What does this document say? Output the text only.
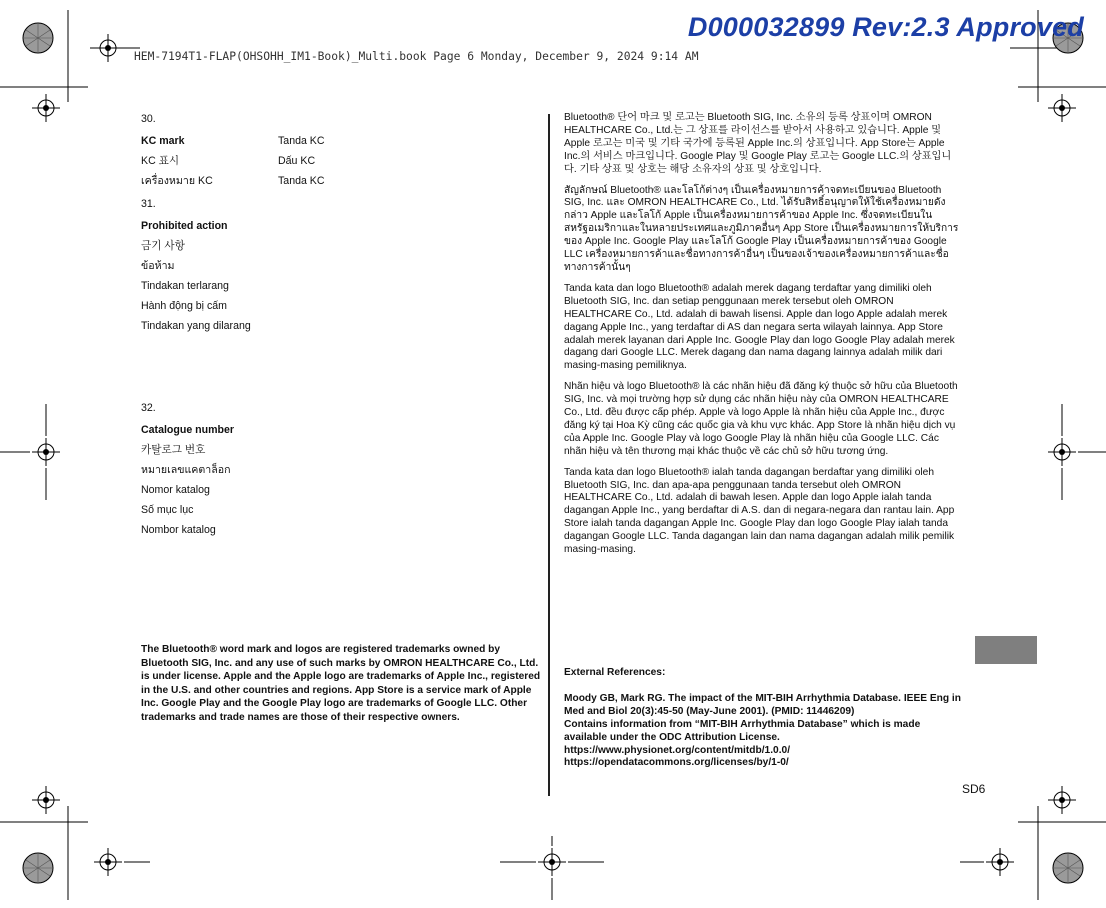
D000032899 Rev:2.3 Approved
HEM-7194T1-FLAP(OHSOHH_IM1-Book)_Multi.book Page 6 Monday, December 9, 2024 9:14 AM
30.
KC mark	Tanda KC
KC 표시	Dấu KC
เครื่องหมาย KC	Tanda KC
31.
Prohibited action
금기 사항
ข้อห้าม
Tindakan terlarang
Hành động bị cấm
Tindakan yang dilarang
32.
Catalogue number
카탈로그 번호
หมายเลขแคตาล็อก
Nomor katalog
Số mục lục
Nombor katalog
The Bluetooth® word mark and logos are registered trademarks owned by Bluetooth SIG, Inc. and any use of such marks by OMRON HEALTHCARE Co., Ltd. is under license. Apple and the Apple logo are trademarks of Apple Inc., registered in the U.S. and other countries and regions. App Store is a service mark of Apple Inc. Google Play and the Google Play logo are trademarks of Google LLC. Other trademarks and trade names are those of their respective owners.

Bluetooth® 단어 마크 및 로고는 Bluetooth SIG, Inc. 소유의 등록 상표이며 OMRON HEALTHCARE Co., Ltd.는 그 상표를 라이선스를 받아서 사용하고 있습니다. Apple 및 Apple 로고는 미국 및 기타 국가에 등록된 Apple Inc.의 상표입니다. App Store는 Apple Inc.의 서비스 마크입니다. Google Play 및 Google Play 로고는 Google LLC.의 상표입니다. 기타 상표 및 상호는 해당 소유자의 상표 및 상호입니다.

สัญลักษณ์ Bluetooth® และโลโก้ต่างๆ เป็นเครื่องหมายการค้าจดทะเบียนของ Bluetooth SIG, Inc. และ OMRON HEALTHCARE Co., Ltd. ได้รับสิทธิ์อนุญาตให้ใช้เครื่องหมายดังกล่าว Apple และโลโก้ Apple เป็นเครื่องหมายการค้าของ Apple Inc. ซึ่งจดทะเบียนในสหรัฐอเมริกาและในหลายประเทศและภูมิภาคอื่นๆ App Store เป็นเครื่องหมายการให้บริการของ Apple Inc. Google Play และโลโก้ Google Play เป็นเครื่องหมายการค้าของ Google LLC เครื่องหมายการค้าและชื่อทางการค้าอื่นๆ เป็นของเจ้าของเครื่องหมายการค้าและชื่อทางการค้านั้นๆ

Tanda kata dan logo Bluetooth® adalah merek dagang terdaftar yang dimiliki oleh Bluetooth SIG, Inc. dan setiap penggunaan merek tersebut oleh OMRON HEALTHCARE Co., Ltd. adalah di bawah lisensi. Apple dan logo Apple adalah merek dagang Apple Inc., yang terdaftar di AS dan negara serta wilayah lainnya. App Store adalah merek layanan dari Apple Inc. Google Play dan logo Google Play adalah merek dagang dari Google LLC. Merek dagang dan nama dagang lainnya adalah milik dari masing-masing pemiliknya.

Nhãn hiệu và logo Bluetooth® là các nhãn hiệu đã đăng ký thuộc sở hữu của Bluetooth SIG, Inc. và mọi trường hợp sử dụng các nhãn hiệu này của OMRON HEALTHCARE Co., Ltd. đều được cấp phép. Apple và logo Apple là nhãn hiệu của Apple Inc., được đăng ký tại Hoa Kỳ cũng các quốc gia và khu vực khác. App Store là nhãn hiệu dịch vụ của Apple Inc. Google Play và logo Google Play là nhãn hiệu của Google LLC. Các nhãn hiệu và tên thương mại khác thuộc về các chủ sở hữu tương ứng.

Tanda kata dan logo Bluetooth® ialah tanda dagangan berdaftar yang dimiliki oleh Bluetooth SIG, Inc. dan apa-apa penggunaan tanda tersebut oleh OMRON HEALTHCARE Co., Ltd. adalah di bawah lesen. Apple dan logo Apple ialah tanda dagangan Apple Inc., yang berdaftar di A.S. dan di negara-negara dan rantau lain. App Store ialah tanda dagangan Apple Inc. Google Play dan logo Google Play ialah tanda dagangan Google LLC. Tanda dagangan lain dan nama dagangan adalah milik pemilik masing-masing.

External References:
Moody GB, Mark RG. The impact of the MIT-BIH Arrhythmia Database. IEEE Eng in Med and Biol 20(3):45-50 (May-June 2001). (PMID: 11446209)
Contains information from “MIT-BIH Arrhythmia Database” which is made available under the ODC Attribution License.
https://www.physionet.org/content/mitdb/1.0.0/
https://opendatacommons.org/licenses/by/1-0/
SD6
